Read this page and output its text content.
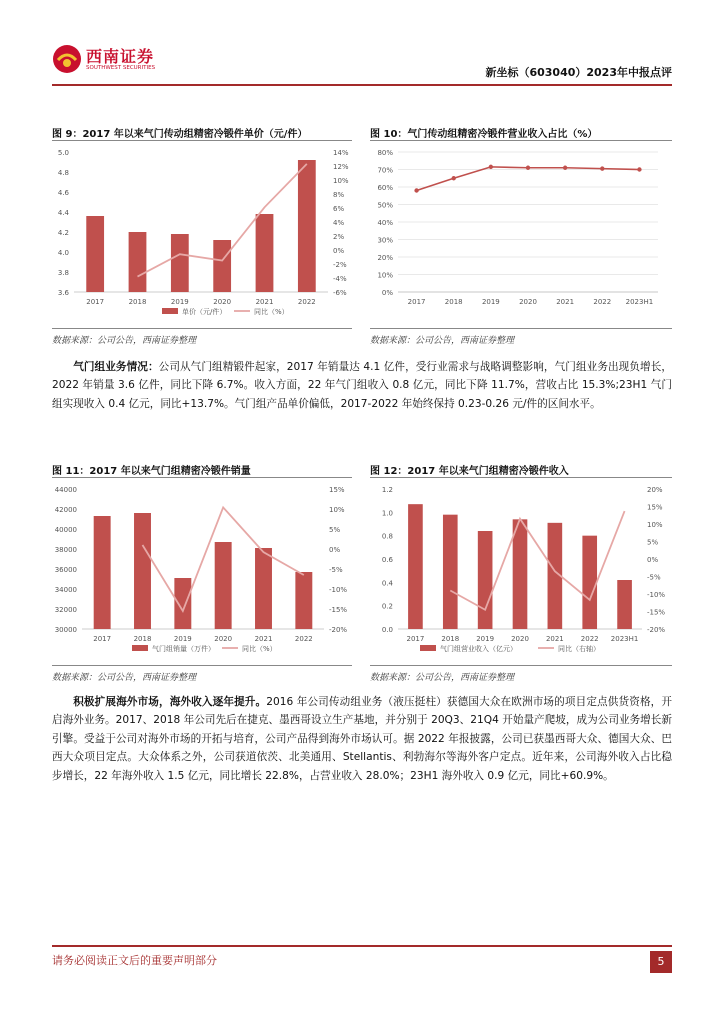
西南证券
SOUTHWEST SECURITIES	新坐标（603040）2023年中报点评
图 9：2017 年以来气门传动组精密冷锻件单价（元/件）	图 10：气门传动组精密冷锻件营业收入占比（%）
3.6
3.8
4.0
4.2
4.4
4.6
4.8
5.0
-6%
-4%
-2%
0%
2%
4%
6%
8%
10%
12%
14%
2017	2018	2019	2020	2021	2022
单价（元/件）	同比（%）
0%
10%
20%
30%
40%
50%
60%
70%
80%
2017	2018	2019	2020	2021	2022 2023H1
数据来源：公司公告，西南证券整理	数据来源：公司公告，西南证券整理

气门组业务情况：公司从气门组精锻件起家，2017 年销量达 4.1 亿件，受行业需求与战略调整影响，气门组业务出现负增长，2022 年销量 3.6 亿件，同比下降 6.7%。收入方面，22 年气门组收入 0.8 亿元，同比下降 11.7%，营收占比 15.3%;23H1 气门组实现收入 0.4 亿元，同比+13.7%。气门组产品单价偏低，2017-2022 年始终保持 0.23-0.26 元/件的区间水平。

图 11：2017 年以来气门组精密冷锻件销量	图 12：2017 年以来气门组精密冷锻件收入
30000
32000
34000
36000
38000
40000
42000
44000
-20%
-15%
-10%
-5%
0%
5%
10%
15%
2017	2018	2019	2020	2021	2022
气门组销量（万件）	同比（%）
0.0
0.2
0.4
0.6
0.8
1.0
1.2
-20%
-15%
-10%
-5%
0%
5%
10%
15%
20%
2017 2018 2019 2020 2021 2022 2023H1
气门组营业收入（亿元）	同比（右轴）
数据来源：公司公告，西南证券整理	数据来源：公司公告，西南证券整理

积极扩展海外市场，海外收入逐年提升。2016 年公司传动组业务（液压挺柱）获德国大众在欧洲市场的项目定点供货资格，开启海外业务。2017、2018 年公司先后在捷克、墨西哥设立生产基地，并分别于 20Q3、21Q4 开始量产爬坡，成为公司业务增长新引擎。受益于公司对海外市场的开拓与培育，公司产品得到海外市场认可。据 2022 年报披露，公司已获墨西哥大众、德国大众、巴西大众项目定点。大众体系之外，公司获道依茨、北美通用、Stellantis、利勃海尔等海外客户定点。近年来，公司海外收入占比稳步增长，22 年海外收入 1.5 亿元，同比增长 22.8%，占营业收入 28.0%；23H1 海外收入 0.9 亿元，同比+60.9%。

请务必阅读正文后的重要声明部分	5
